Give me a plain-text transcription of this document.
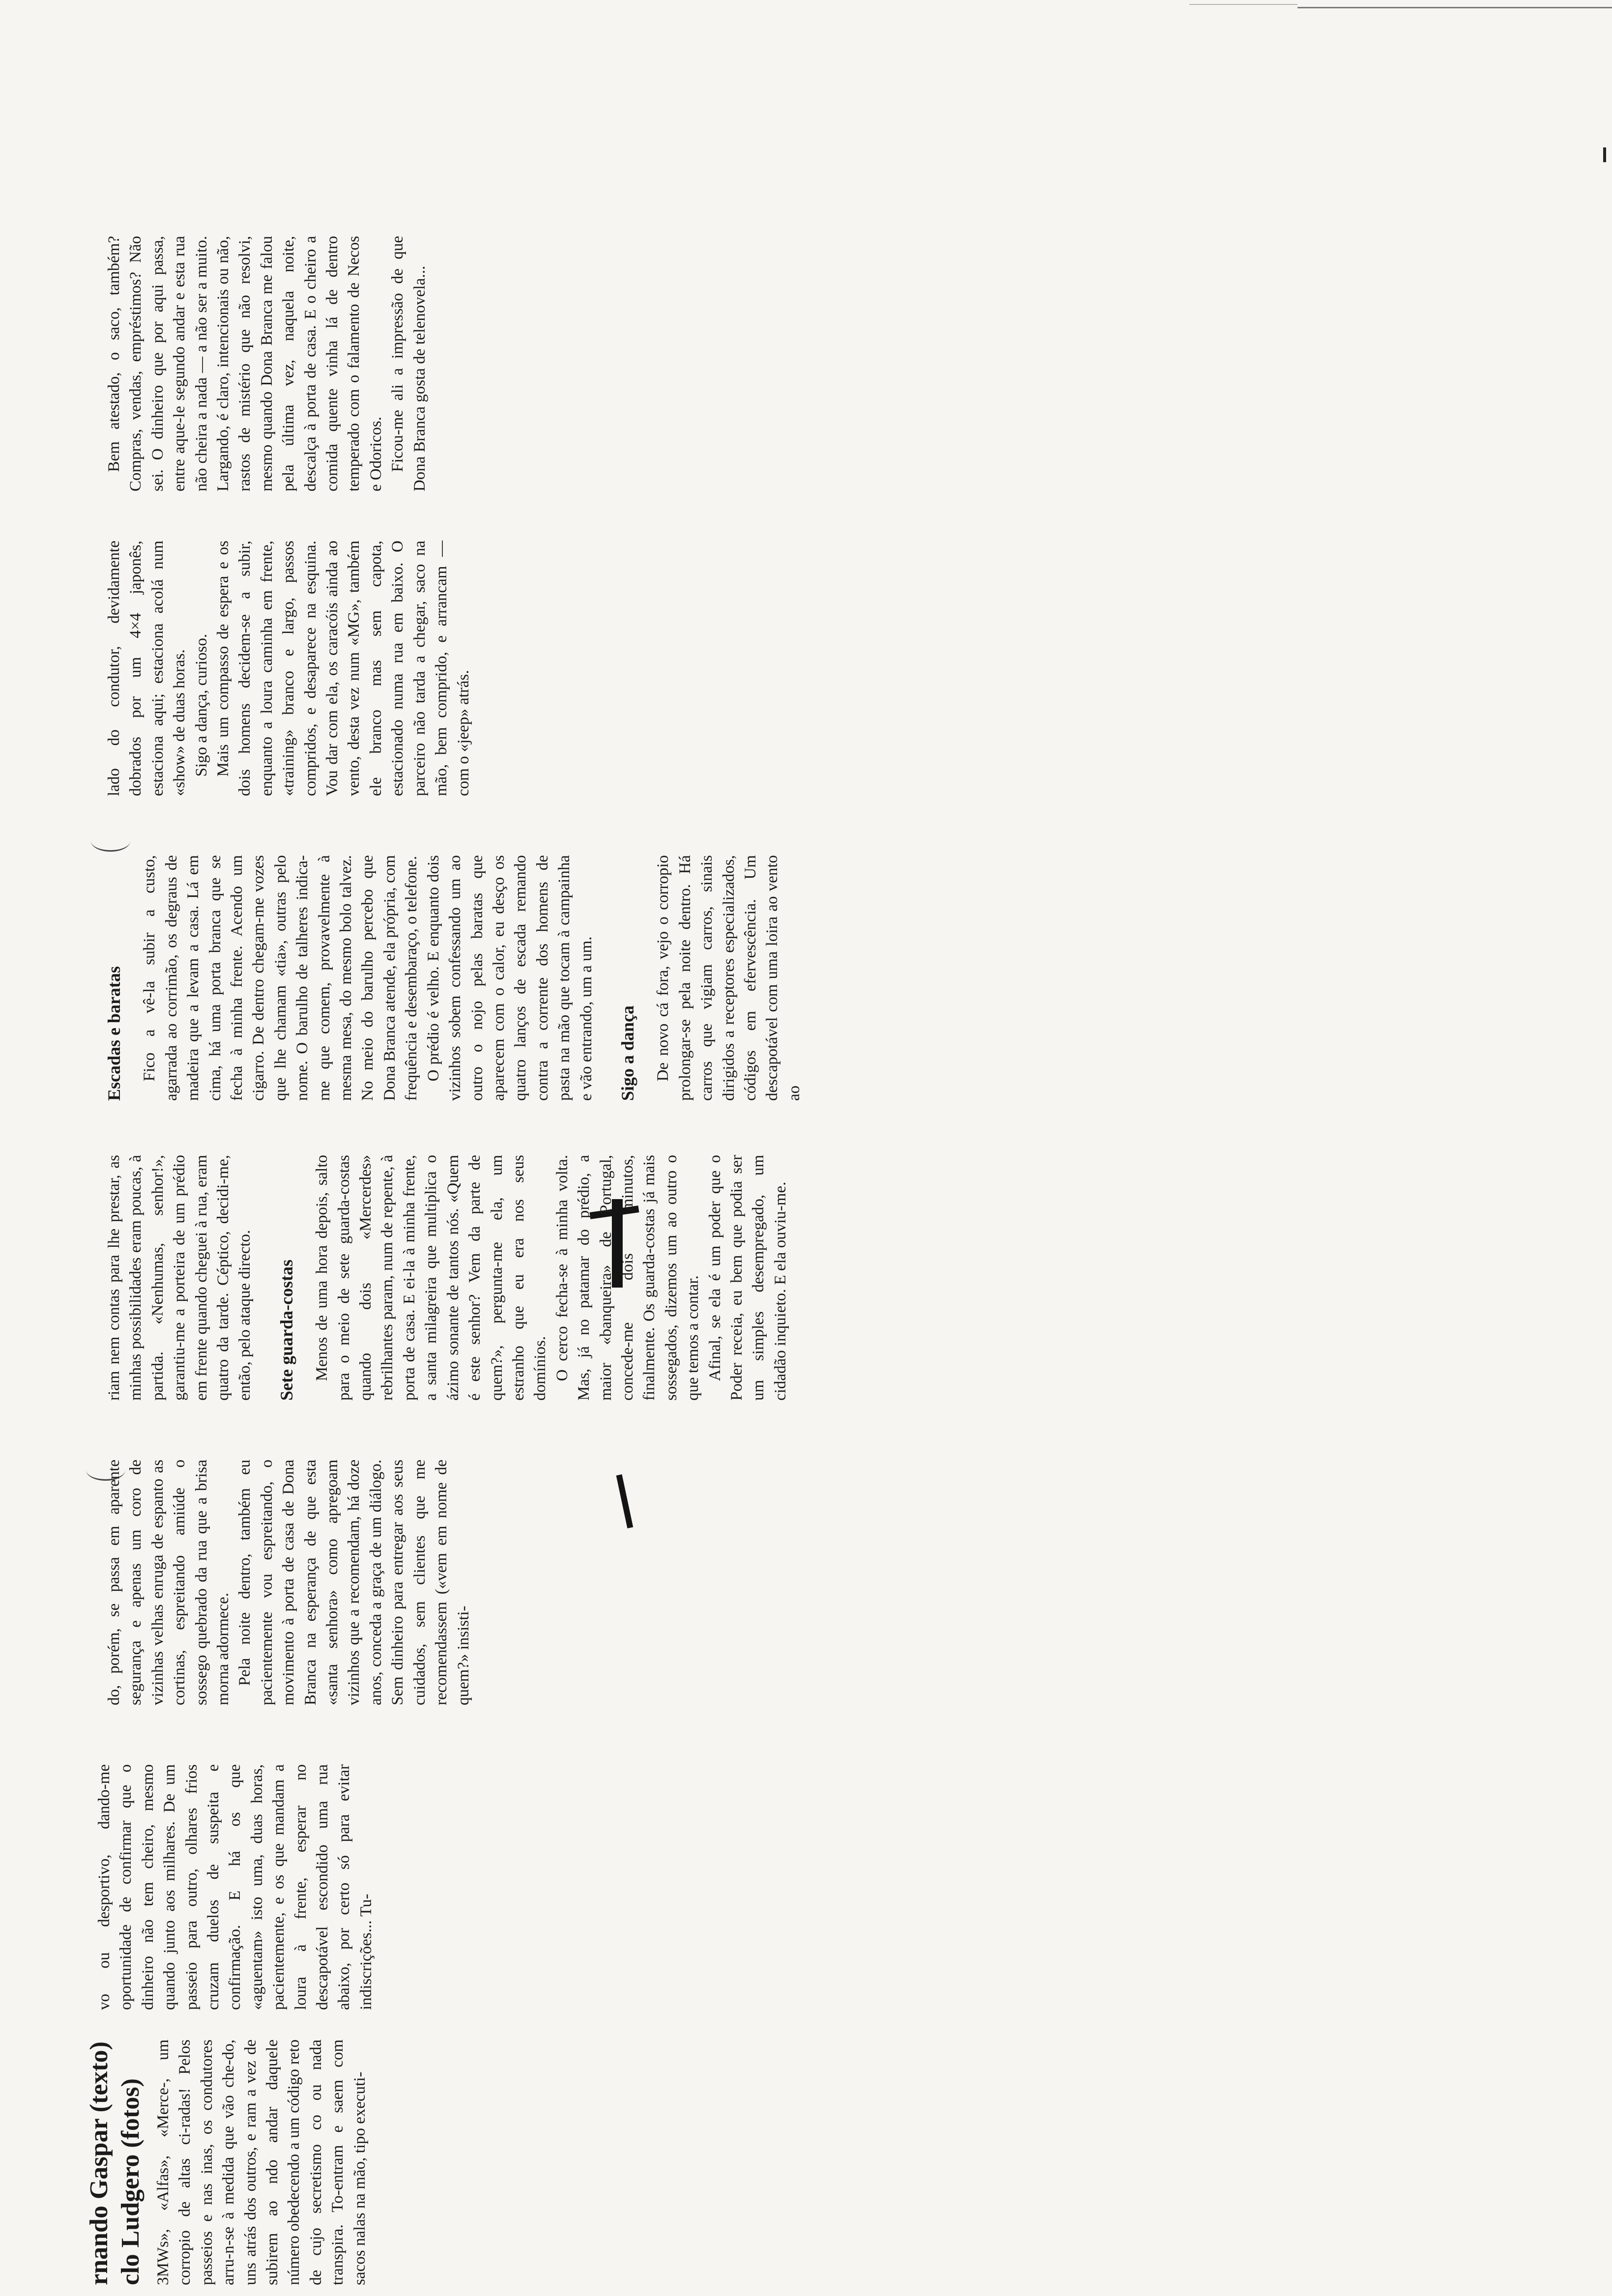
rnando Gaspar (texto) clo Ludgero (fotos) 3MWs», «Alfas», «Merce-, um corropio de altas ci-radas! Pelos passeios e nas inas, os condutores arru-n-se à medida que vão che-do, uns atrás dos outros, e ram a vez de subirem ao ndo andar daquele número obedecendo a um código reto de cujo secretismo co ou nada transpira. To-entram e saem com sacos nalas na mão, tipo executi-

vo ou desportivo, dando-me oportunidade de confirmar que o dinheiro não tem cheiro, mesmo quando junto aos milhares. De um passeio para outro, olhares frios cruzam duelos de suspeita e confirmação. E há os que «aguentam» isto uma, duas horas, pacientemente, e os que mandam a loura à frente, esperar no descapotável escondido uma rua abaixo, por certo só para evitar indiscrições... Tu-

do, porém, se passa em aparente segurança e apenas um coro de vizinhas velhas enruga de espanto as cortinas, espreitando amiúde o sossego quebrado da rua que a brisa morna adormece. Pela noite dentro, também eu pacientemente vou espreitando, o movimento à porta de casa de Dona Branca na esperança de que esta «santa senhora» como apregoam vizinhos que a recomendam, há doze anos, conceda a graça de um diálogo. Sem dinheiro para entregar aos seus cuidados, sem clientes que me recomendassem («vem em nome de quem?» insisti-

riam nem contas para lhe prestar, as minhas possibilidades eram poucas, à partida. «Nenhumas, senhor!», garantiu-me a porteira de um prédio em frente quando cheguei à rua, eram quatro da tarde. Céptico, decidi-me, então, pelo ataque directo. Sete guarda-costas Menos de uma hora depois, salto para o meio de sete guarda-costas quando dois «Mercerdes» rebrilhantes param, num de repente, à porta de casa. E ei-la à minha frente, a santa milagreira que multiplica o ázimo sonante de tantos nós. «Quem é este senhor? Vem da parte de quem?», pergunta-me ela, um estranho que eu era nos seus domínios. O cerco fecha-se à minha volta. Mas, já no patamar do prédio, a maior «banqueira» de Portugal, concede-me dois minutos, finalmente. Os guarda-costas já mais sossegados, dizemos um ao outro o que temos a contar. Afinal, se ela é um poder que o Poder receia, eu bem que podia ser um simples desempregado, um cidadão inquieto. E ela ouviu-me.

Escadas e baratas Fico a vê-la subir a custo, agarrada ao corrimão, os degraus de madeira que a levam a casa. Lá em cima, há uma porta branca que se fecha à minha frente. Acendo um cigarro. De dentro chegam-me vozes que lhe chamam «tia», outras pelo nome. O barulho de talheres indica-me que comem, provavelmente à mesma mesa, do mesmo bolo talvez. No meio do barulho percebo que Dona Branca atende, ela própria, com frequência e desembaraço, o telefone. O prédio é velho. E enquanto dois vizinhos sobem confessando um ao outro o nojo pelas baratas que aparecem com o calor, eu desço os quatro lanços de escada remando contra a corrente dos homens de pasta na mão que tocam à campainha e vão entrando, um a um. Sigo a dança De novo cá fora, vejo o corropio prolongar-se pela noite dentro. Há carros que vigiam carros, sinais dirigidos a receptores especializados, códigos em efervescência. Um descapotável com uma loira ao vento ao

lado do condutor, devidamente dobrados por um 4×4 japonês, estaciona aqui; estaciona acolá num «show» de duas horas. Sigo a dança, curioso. Mais um compasso de espera e os dois homens decidem-se a subir, enquanto a loura caminha em frente, «training» branco e largo, passos compridos, e desaparece na esquina. Vou dar com ela, os caracóis ainda ao vento, desta vez num «MG», também ele branco mas sem capota, estacionado numa rua em baixo. O parceiro não tarda a chegar, saco na mão, bem comprido, e arrancam — com o «jeep» atrás.

Bem atestado, o saco, também? Compras, vendas, empréstimos? Não sei. O dinheiro que por aqui passa, entre aque-le segundo andar e esta rua não cheira a nada — a não ser a muito. Largando, é claro, intencionais ou não, rastos de mistério que não resolvi, mesmo quando Dona Branca me falou pela última vez, naquela noite, descalça à porta de casa. E o cheiro a comida quente vinha lá de dentro temperado com o falamento de Necos e Odoricos. Ficou-me ali a impressão de que Dona Branca gosta de telenovela...
